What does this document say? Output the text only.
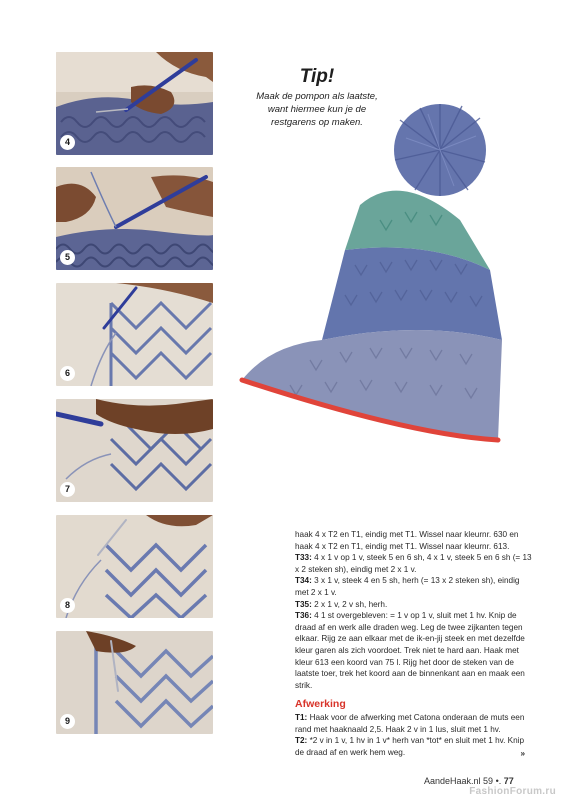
4
5
6
7
8
9
Tip!
Maak de pompon als laatste, want hiermee kun je de restgarens op maken.

haak 4 x T2 en T1, eindig met T1. Wissel naar kleurnr. 630 en haak 4 x T2 en T1, eindig met T1. Wissel naar kleurnr. 613.

T33: 4 x 1 v op 1 v, steek 5 en 6 sh, 4 x 1 v, steek 5 en 6 sh (= 13 x 2 steken sh), eindig met 2 x 1 v.

T34: 3 x 1 v, steek 4 en 5 sh, herh (= 13 x 2 steken sh), eindig met 2 x 1 v.

T35: 2 x 1 v, 2 v sh, herh.

T36: 4 1 st overgebleven: = 1 v op 1 v, sluit met 1 hv. Knip de draad af en werk alle draden weg. Leg de twee zijkanten tegen elkaar. Rijg ze aan elkaar met de ik-en-jij steek en met dezelfde kleur garen als zich voordoet. Trek niet te hard aan. Haak met kleur 613 een koord van 75 l. Rijg het door de steken van de laatste toer, trek het koord aan de binnenkant aan en maak een strik.

Afwerking

T1: Haak voor de afwerking met Catona onderaan de muts een rand met haaknaald 2,5. Haak 2 v in 1 lus, sluit met 1 hv.

T2: *2 v in 1 v, 1 hv in 1 v* herh van *tot* en sluit met 1 hv. Knip de draad af en werk hem weg.	»

AandeHaak.nl 59 •. 77
FashionForum.ru
